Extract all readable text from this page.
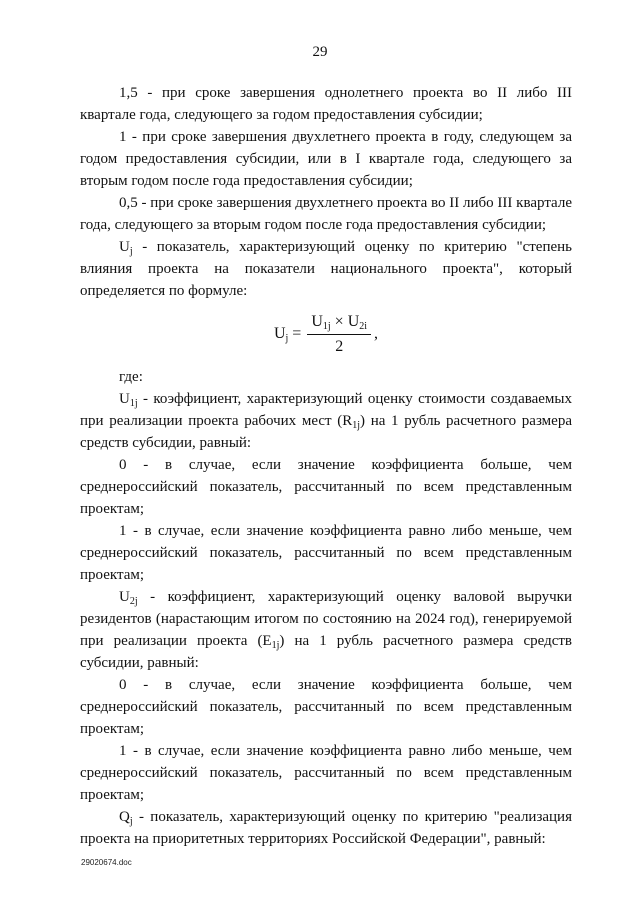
29

1,5 - при сроке завершения однолетнего проекта во II либо III квартале года, следующего за годом предоставления субсидии;

1 - при сроке завершения двухлетнего проекта в году, следующем за годом предоставления субсидии, или в I квартале года, следующего за вторым годом после года предоставления субсидии;

0,5 - при сроке завершения двухлетнего проекта во II либо III квартале года, следующего за вторым годом после года предоставления субсидии;

$U_j$ - показатель, характеризующий оценку по критерию "степень влияния проекта на показатели национального проекта", который определяется по формуле:

$U_j = \frac{U_{1j} \times U_{2i}}{2}$ ,

где:

$U_{1j}$ - коэффициент, характеризующий оценку стоимости создаваемых при реализации проекта рабочих мест $(R_{1j})$ на 1 рубль расчетного размера средств субсидии, равный:

0 - в случае, если значение коэффициента больше, чем среднероссийский показатель, рассчитанный по всем представленным проектам;

1 - в случае, если значение коэффициента равно либо меньше, чем среднероссийский показатель, рассчитанный по всем представленным проектам;

$U_{2j}$ - коэффициент, характеризующий оценку валовой выручки резидентов (нарастающим итогом по состоянию на 2024 год), генерируемой при реализации проекта $(E_{1j})$ на 1 рубль расчетного размера средств субсидии, равный:

0 - в случае, если значение коэффициента больше, чем среднероссийский показатель, рассчитанный по всем представленным проектам;

1 - в случае, если значение коэффициента равно либо меньше, чем среднероссийский показатель, рассчитанный по всем представленным проектам;

$Q_j$ - показатель, характеризующий оценку по критерию "реализация проекта на приоритетных территориях Российской Федерации", равный:

29020674.doc
